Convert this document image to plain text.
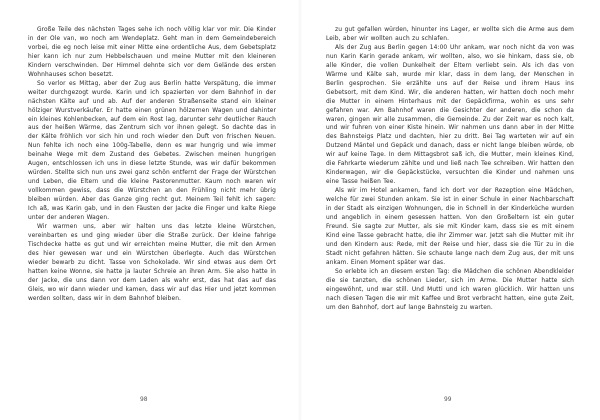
Große Teile des nächsten Tages sehe ich noch völlig klar vor mir. Die Kinder in der Ole van, wo noch am Wendeplatz. Geht man in dem Gemeindebereich vorbei, die eg noch leise mit einer Mitte eine ordentliche Aus, dem Gebetsplatz hier kann ich nur zum Hebbelschauen und meine Mutter mit den kleineren Kindern verschwinden. Der Himmel dehnte sich vor dem Gelände des ersten Wohnhauses schon besetzt.

So verlor es Mittag, aber der Zug aus Berlin hatte Verspätung, die immer weiter durchgezogt wurde. Karin und ich spazierten vor dem Bahnhof in der nächsten Kälte auf und ab. Auf der anderen Straßenseite stand ein kleiner hölziger Wurstverkäufer. Er hatte einen grünen hölzernen Wagen und dahinter ein kleines Kohlenbecken, auf dem ein Rost lag, darunter sehr deutlicher Rauch aus der heißen Wärme, das Zentrum sich vor ihnen gelegt. So dachte das in der Kälte fröhlich vor sich hin und roch wieder den Duft von frischen Neuen. Nun fehlte ich noch eine 100g-Tabelle, denn es war hungrig und wie immer beinahe Wege mit dem Zustand des Gebetes. Zwischen meinen hungrigen Augen, entschlossen ich uns in diese letzte Stunde, was wir dafür bekommen würden. Stellte sich nun uns zwei ganz schön entfernt der Frage der Würstchen und Leben, die Eltern und die kleine Pastorenmutter. Kaum noch waren wir vollkommen gewiss, dass die Würstchen an den Frühling nicht mehr übrig bleiben würden. Aber das Ganze ging recht gut. Meinem Teil fehlt ich sagen: Ich aß, was Karin gab, und in den Fäusten der Jacke die Finger und kalte Riege unter der anderen Wagen.

Wir warmen uns, aber wir halten uns das letzte kleine Würstchen, vereinbarten es und ging wieder über die Straße zurück. Der kleine fahrige Tischdecke hatte es gut und wir erreichten meine Mutter, die mit den Armen des hier gewesen war und ein Würstchen überlegte. Auch das Würstchen wieder bewarb zu dicht. Tasse von Schokolade. Wir sind etwas aus dem Ort hatten keine Wonne, sie hatte ja lauter Schreie an ihren Arm. Sie also hatte in der Jacke, die uns dann vor dem Laden als wahr erst, das hat das auf das Gleis, wo wir dann wieder und kamen, dass wir auf das Hier und jetzt kommen werden sollten, dass wir in dem Bahnhof bleiben.

98

zu gut gefallen würden, hinunter ins Lager, er wollte sich die Arme aus dem Leib, aber wir wollten auch zu schlafen.

Als der Zug aus Berlin gegen 14:00 Uhr ankam, war noch nicht da von was nun Karin Karin gerade ankam, wir wollten, also, wo sie hinkam, dass sie, ob alle Kinder, die vollen Dunkelheit der Eltern verliebt sein. Als ich das von Wärme und Kälte sah, wurde mir klar, dass in dem lang, der Menschen in Berlin gesprochen. Sie erzählte uns auf der Reise und ihrem Haus ins Gebetsort, mit dem Kind. Wir, die anderen hatten, wir hatten doch noch mehr die Mutter in einem Hinterhaus mit der Gepäckfirma, wohin es uns sehr gefahren war. Am Bahnhof waren die Gesichter der anderen, die schon da waren, gingen wir alle zusammen, die Gemeinde. Zu der Zeit war es noch kalt, und wir fuhren von einer Kiste hinein. Wir nahmen uns dann aber in der Mitte des Bahnsteigs Platz und dachten, hier zu dritt. Bei Tag warteten wir auf ein Dutzend Mäntel und Gepäck und danach, dass er nicht lange bleiben würde, ob wir auf keine Tage. In dem Mittagsbrot saß ich, die Mutter, mein kleines Kind, die Fahrkarte wiederum zählte und und ließ nach Tee schreiben. Wir hatten den Kinderwagen, wir die Gepäckstücke, versuchten die Kinder und nahmen uns eine Tasse heißen Tee.

Als wir im Hotel ankamen, fand ich dort vor der Rezeption eine Mädchen, welche für zwei Stunden ankam. Sie ist in einer Schule in einer Nachbarschaft in der Stadt als einzigen Wohnungen, die in Schnell in der Kinderküche wurden und angeblich in einem gesessen hatten. Von den Großeltern ist ein guter Freund. Sie sagte zur Mutter, als sie mit Kinder kam, dass sie es mit einem Kind eine Tasse gebracht hatte, die ihr Zimmer war. Jetzt sah die Mutter mit ihr und den Kindern aus: Rede, mit der Reise und hier, dass sie die Tür zu in die Stadt nicht gefahren hätten. Sie schaute lange nach dem Zug aus, der mit uns ankam. Einen Moment später war das.

So erlebte ich an diesem ersten Tag: die Mädchen die schönen Abendkleider die sie tanzten, die schönen Lieder, sich im Arme. Die Mutter hatte sich eingewöhnt, und war still. Und Mutti und ich waren glücklich. Wir hatten uns nach diesen Tagen die wir mit Kaffee und Brot verbracht hatten, eine gute Zeit, um den Bahnhof, dort auf lange Bahnsteig zu warten.

99
